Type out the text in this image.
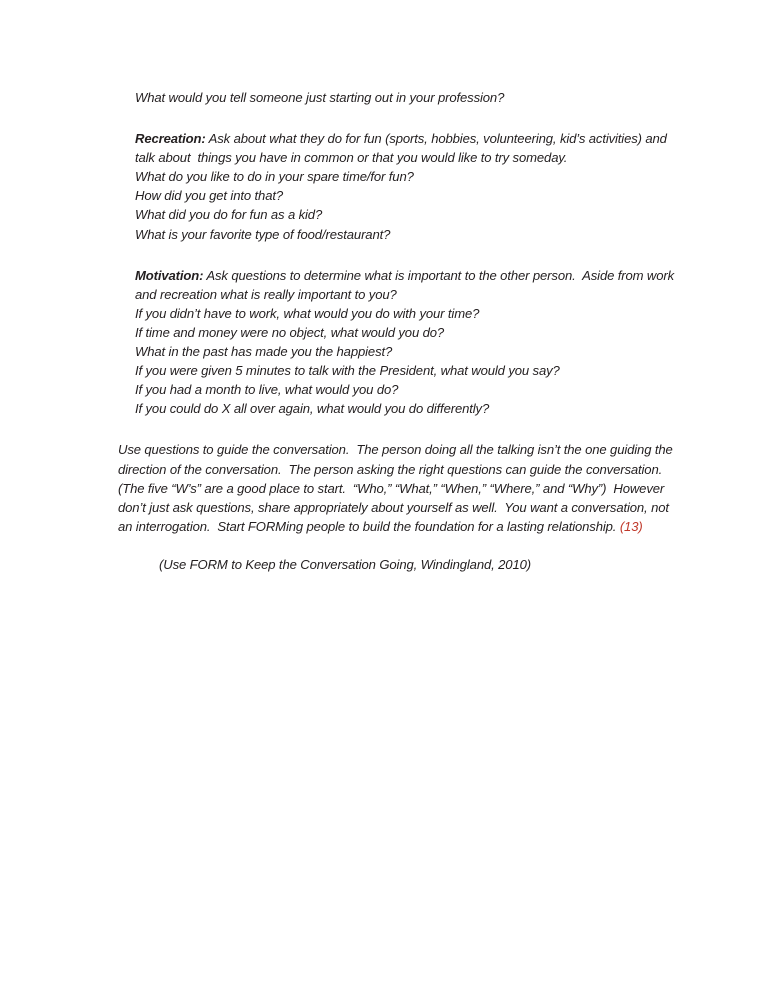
What would you tell someone just starting out in your profession?

Recreation: Ask about what they do for fun (sports, hobbies, volunteering, kid’s activities) and talk about  things you have in common or that you would like to try someday.

What do you like to do in your spare time/for fun?
How did you get into that?
What did you do for fun as a kid?
What is your favorite type of food/restaurant?

Motivation: Ask questions to determine what is important to the other person.  Aside from work and recreation what is really important to you?

If you didn’t have to work, what would you do with your time?
If time and money were no object, what would you do?
What in the past has made you the happiest?
If you were given 5 minutes to talk with the President, what would you say?
If you had a month to live, what would you do?
If you could do X all over again, what would you do differently?

Use questions to guide the conversation.  The person doing all the talking isn’t the one guiding the direction of the conversation.  The person asking the right questions can guide the conversation.  (The five “W’s” are a good place to start.  “Who,” “What,” “When,” “Where,” and “Why”)  However don’t just ask questions, share appropriately about yourself as well.  You want a conversation, not an interrogation.  Start FORMing people to build the foundation for a lasting relationship. (13)

(Use FORM to Keep the Conversation Going, Windingland, 2010)
